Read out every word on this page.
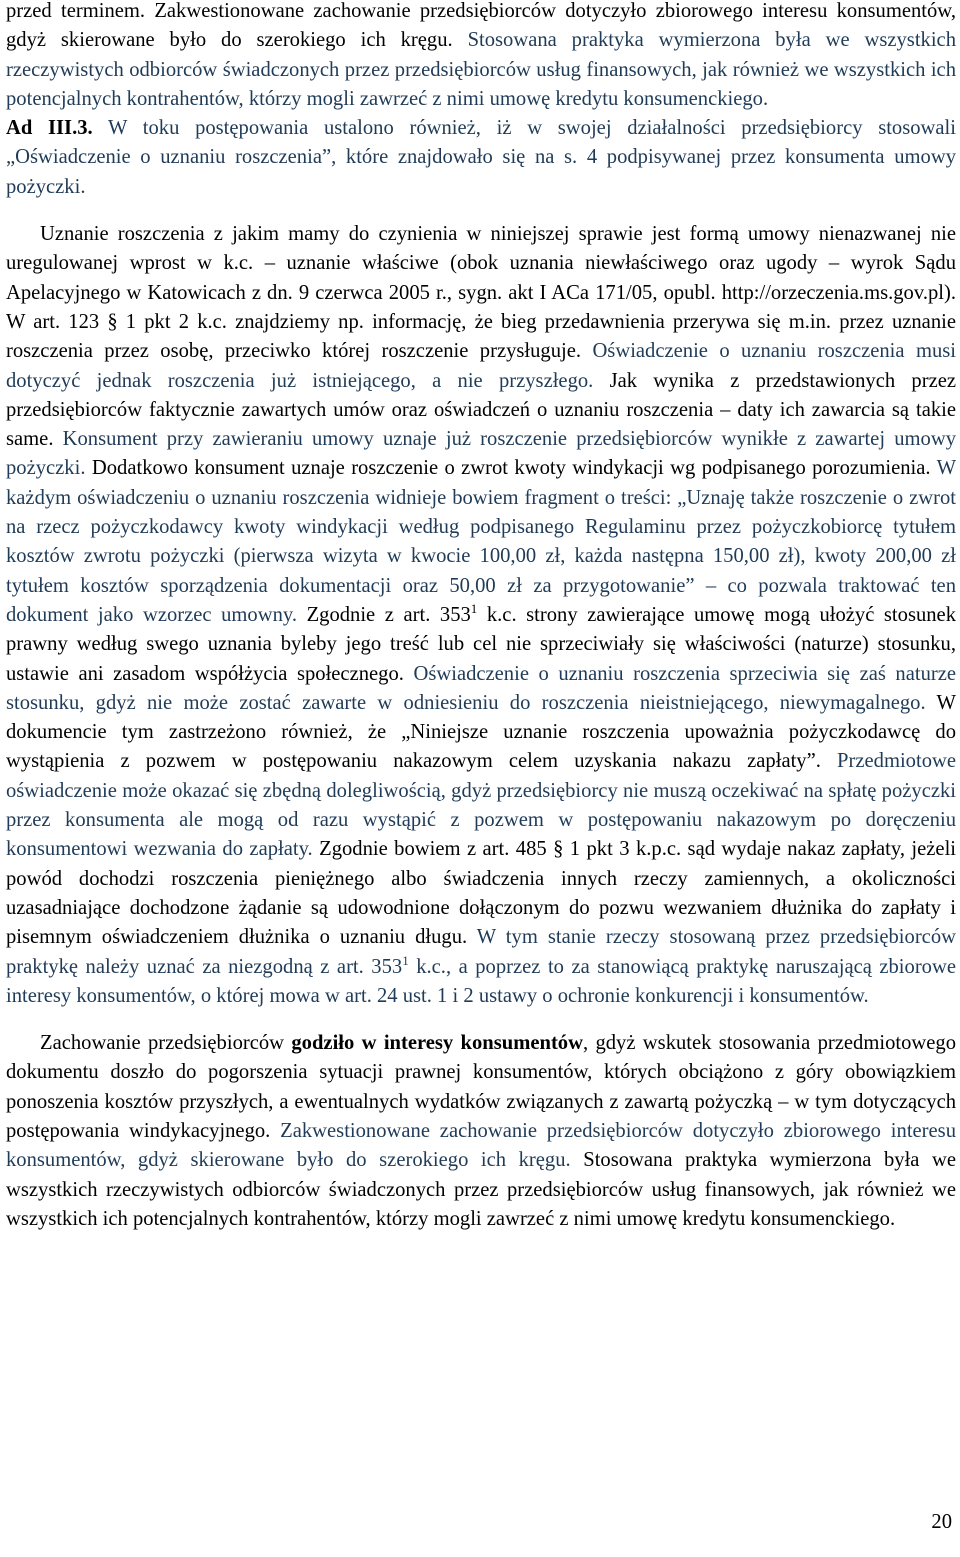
przed terminem. Zakwestionowane zachowanie przedsiębiorców dotyczyło zbiorowego interesu konsumentów, gdyż skierowane było do szerokiego ich kręgu. Stosowana praktyka wymierzona była we wszystkich rzeczywistych odbiorców świadczonych przez przedsiębiorców usług finansowych, jak również we wszystkich ich potencjalnych kontrahentów, którzy mogli zawrzeć z nimi umowę kredytu konsumenckiego.

Ad III.3. W toku postępowania ustalono również, iż w swojej działalności przedsiębiorcy stosowali „Oświadczenie o uznaniu roszczenia”, które znajdowało się na s. 4 podpisywanej przez konsumenta umowy pożyczki.

Uznanie roszczenia z jakim mamy do czynienia w niniejszej sprawie jest formą umowy nienazwanej nie uregulowanej wprost w k.c. – uznanie właściwe (obok uznania niewłaściwego oraz ugody – wyrok Sądu Apelacyjnego w Katowicach z dn. 9 czerwca 2005 r., sygn. akt I ACa 171/05, opubl. http://orzeczenia.ms.gov.pl). W art. 123 § 1 pkt 2 k.c. znajdziemy np. informację, że bieg przedawnienia przerywa się m.in. przez uznanie roszczenia przez osobę, przeciwko której roszczenie przysługuje. Oświadczenie o uznaniu roszczenia musi dotyczyć jednak roszczenia już istniejącego, a nie przyszłego. Jak wynika z przedstawionych przez przedsiębiorców faktycznie zawartych umów oraz oświadczeń o uznaniu roszczenia – daty ich zawarcia są takie same. Konsument przy zawieraniu umowy uznaje już roszczenie przedsiębiorców wynikłe z zawartej umowy pożyczki. Dodatkowo konsument uznaje roszczenie o zwrot kwoty windykacji wg podpisanego porozumienia. W każdym oświadczeniu o uznaniu roszczenia widnieje bowiem fragment o treści: „Uznaję także roszczenie o zwrot na rzecz pożyczkodawcy kwoty windykacji według podpisanego Regulaminu przez pożyczkobiorcę tytułem kosztów zwrotu pożyczki (pierwsza wizyta w kwocie 100,00 zł, każda następna 150,00 zł), kwoty 200,00 zł tytułem kosztów sporządzenia dokumentacji oraz 50,00 zł za przygotowanie” – co pozwala traktować ten dokument jako wzorzec umowny. Zgodnie z art. $353^1$ k.c. strony zawierające umowę mogą ułożyć stosunek prawny według swego uznania byleby jego treść lub cel nie sprzeciwiały się właściwości (naturze) stosunku, ustawie ani zasadom współżycia społecznego. Oświadczenie o uznaniu roszczenia sprzeciwia się zaś naturze stosunku, gdyż nie może zostać zawarte w odniesieniu do roszczenia nieistniejącego, niewymagalnego. W dokumencie tym zastrzeżono również, że „Niniejsze uznanie roszczenia upoważnia pożyczkodawcę do wystąpienia z pozwem w postępowaniu nakazowym celem uzyskania nakazu zapłaty”. Przedmiotowe oświadczenie może okazać się zbędną dolegliwością, gdyż przedsiębiorcy nie muszą oczekiwać na spłatę pożyczki przez konsumenta ale mogą od razu wystąpić z pozwem w postępowaniu nakazowym po doręczeniu konsumentowi wezwania do zapłaty. Zgodnie bowiem z art. 485 § 1 pkt 3 k.p.c. sąd wydaje nakaz zapłaty, jeżeli powód dochodzi roszczenia pieniężnego albo świadczenia innych rzeczy zamiennych, a okoliczności uzasadniające dochodzone żądanie są udowodnione dołączonym do pozwu wezwaniem dłużnika do zapłaty i pisemnym oświadczeniem dłużnika o uznaniu długu. W tym stanie rzeczy stosowaną przez przedsiębiorców praktykę należy uznać za niezgodną z art. $353^1$ k.c., a poprzez to za stanowiącą praktykę naruszającą zbiorowe interesy konsumentów, o której mowa w art. 24 ust. 1 i 2 ustawy o ochronie konkurencji i konsumentów.

Zachowanie przedsiębiorców godziło w interesy konsumentów, gdyż wskutek stosowania przedmiotowego dokumentu doszło do pogorszenia sytuacji prawnej konsumentów, których obciążono z góry obowiązkiem ponoszenia kosztów przyszłych, a ewentualnych wydatków związanych z zawartą pożyczką – w tym dotyczących postępowania windykacyjnego. Zakwestionowane zachowanie przedsiębiorców dotyczyło zbiorowego interesu konsumentów, gdyż skierowane było do szerokiego ich kręgu. Stosowana praktyka wymierzona była we wszystkich rzeczywistych odbiorców świadczonych przez przedsiębiorców usług finansowych, jak również we wszystkich ich potencjalnych kontrahentów, którzy mogli zawrzeć z nimi umowę kredytu konsumenckiego.

20
